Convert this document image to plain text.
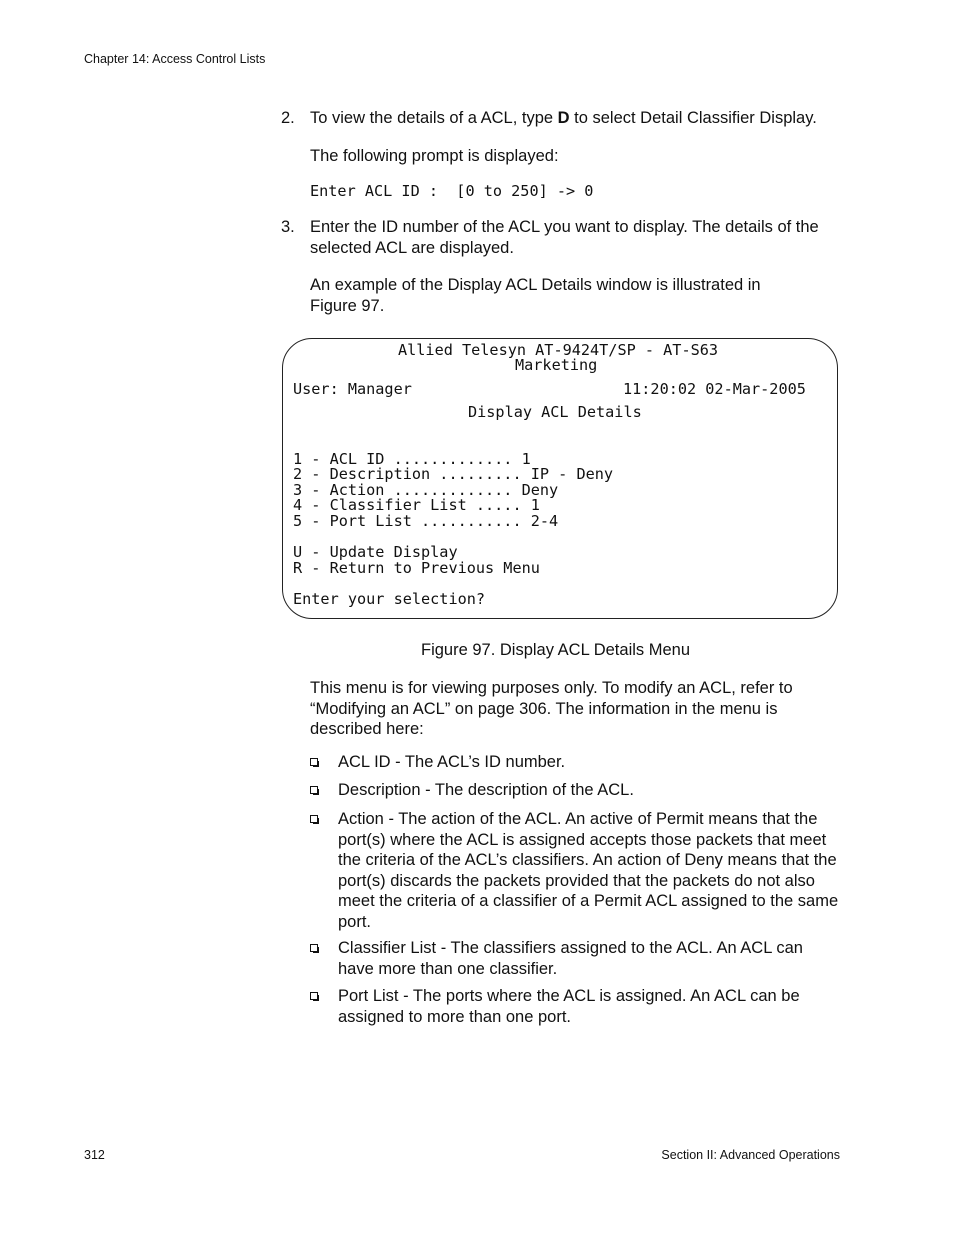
Chapter 14: Access Control Lists
2. To view the details of a ACL, type D to select Detail Classifier Display.
The following prompt is displayed:
Enter ACL ID :  [0 to 250] -> 0
3. Enter the ID number of the ACL you want to display. The details of the selected ACL are displayed.
An example of the Display ACL Details window is illustrated in Figure 97.
Allied Telesyn AT-9424T/SP - AT-S63
Marketing
User: Manager	11:20:02 02-Mar-2005
Display ACL Details
1 - ACL ID ............. 1
2 - Description ......... IP - Deny
3 - Action ............. Deny
4 - Classifier List ..... 1
5 - Port List ........... 2-4
U - Update Display
R - Return to Previous Menu
Enter your selection?
Figure 97. Display ACL Details Menu
This menu is for viewing purposes only. To modify an ACL, refer to “Modifying an ACL” on page 306. The information in the menu is described here:
ACL ID - The ACL’s ID number.
Description - The description of the ACL.
Action - The action of the ACL. An active of Permit means that the port(s) where the ACL is assigned accepts those packets that meet the criteria of the ACL’s classifiers. An action of Deny means that the port(s) discards the packets provided that the packets do not also meet the criteria of a classifier of a Permit ACL assigned to the same port.
Classifier List - The classifiers assigned to the ACL. An ACL can have more than one classifier.
Port List - The ports where the ACL is assigned. An ACL can be assigned to more than one port.
312	Section II: Advanced Operations
